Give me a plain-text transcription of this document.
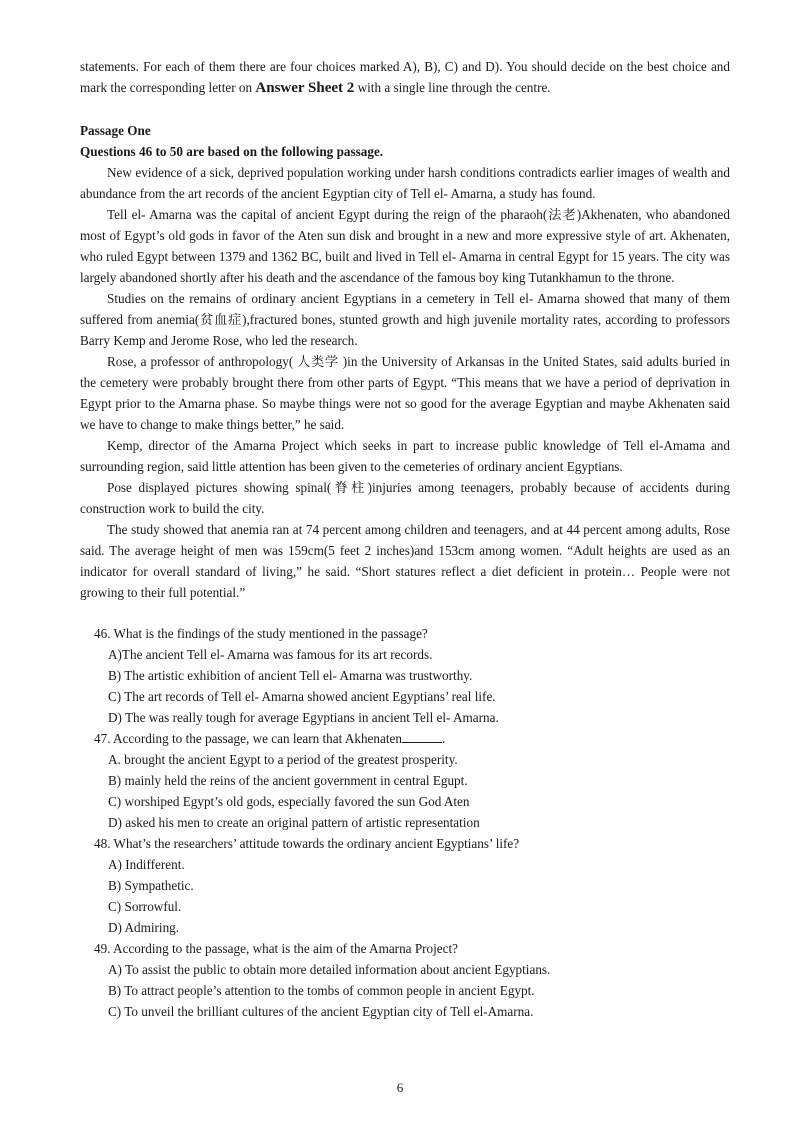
statements. For each of them there are four choices marked A), B), C) and D). You should decide on the best choice and mark the corresponding letter on Answer Sheet 2 with a single line through the centre.

Passage One
Questions 46 to 50 are based on the following passage.

New evidence of a sick, deprived population working under harsh conditions contradicts earlier images of wealth and abundance from the art records of the ancient Egyptian city of Tell el- Amarna, a study has found.

Tell el- Amarna was the capital of ancient Egypt during the reign of the pharaoh(法老)Akhenaten, who abandoned most of Egypt’s old gods in favor of the Aten sun disk and brought in a new and more expressive style of art. Akhenaten, who ruled Egypt between 1379 and 1362 BC, built and lived in Tell el- Amarna in central Egypt for 15 years. The city was largely abandoned shortly after his death and the ascendance of the famous boy king Tutankhamun to the throne.

Studies on the remains of ordinary ancient Egyptians in a cemetery in Tell el- Amarna showed that many of them suffered from anemia(贫血症),fractured bones, stunted growth and high juvenile mortality rates, according to professors Barry Kemp and Jerome Rose, who led the research.

Rose, a professor of anthropology( 人类学 )in the University of Arkansas in the United States, said adults buried in the cemetery were probably brought there from other parts of Egypt. “This means that we have a period of deprivation in Egypt prior to the Amarna phase. So maybe things were not so good for the average Egyptian and maybe Akhenaten said we have to change to make things better,” he said.

Kemp, director of the Amarna Project which seeks in part to increase public knowledge of Tell el-Amama and surrounding region, said little attention has been given to the cemeteries of ordinary ancient Egyptians.

Pose displayed pictures showing spinal(脊柱)injuries among teenagers, probably because of accidents during construction work to build the city.

The study showed that anemia ran at 74 percent among children and teenagers, and at 44 percent among adults, Rose said. The average height of men was 159cm(5 feet 2 inches)and 153cm among women. “Adult heights are used as an indicator for overall standard of living,” he said. “Short statures reflect a diet deficient in protein… People were not growing to their full potential.”

46. What is the findings of the study mentioned in the passage?

A)The ancient Tell el- Amarna was famous for its art records.

B) The artistic exhibition of ancient Tell el- Amarna was trustworthy.

C) The art records of Tell el- Amarna showed ancient Egyptians’ real life.

D) The was really tough for average Egyptians in ancient Tell el- Amarna.

47. According to the passage, we can learn that Akhenaten	.

A. brought the ancient Egypt to a period of the greatest prosperity.

B) mainly held the reins of the ancient government in central Egupt.

C) worshiped Egypt’s old gods, especially favored the sun God Aten

D) asked his men to create an original pattern of artistic representation

48. What’s the researchers’ attitude towards the ordinary ancient Egyptians’ life?

A) Indifferent.

B) Sympathetic.

C) Sorrowful.

D) Admiring.

49. According to the passage, what is the aim of the Amarna Project?

A) To assist the public to obtain more detailed information about ancient Egyptians.

B) To attract people’s attention to the tombs of common people in ancient Egypt.

C) To unveil the brilliant cultures of the ancient Egyptian city of Tell el-Amarna.

6
